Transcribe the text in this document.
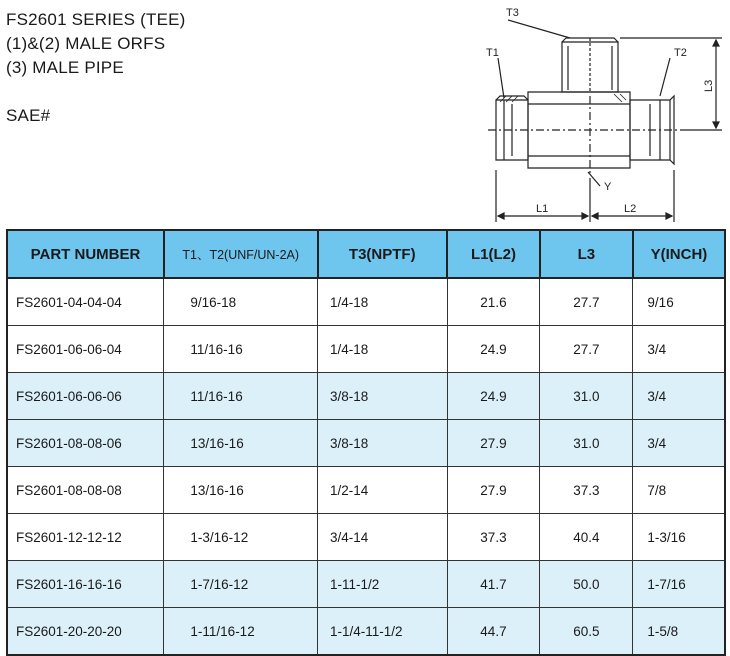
FS2601 SERIES (TEE)
(1)&(2) MALE ORFS
(3) MALE PIPE
SAE#
T3
T1	T2
L3
Y
L1	L2
PART NUMBER	T1、T2(UNF/UN-2A)	T3(NPTF)	L1(L2)	L3	Y(INCH)
FS2601-04-04-04	9/16-18	1/4-18	21.6	27.7	9/16
FS2601-06-06-04	11/16-16	1/4-18	24.9	27.7	3/4
FS2601-06-06-06	11/16-16	3/8-18	24.9	31.0	3/4
FS2601-08-08-06	13/16-16	3/8-18	27.9	31.0	3/4
FS2601-08-08-08	13/16-16	1/2-14	27.9	37.3	7/8
FS2601-12-12-12	1-3/16-12	3/4-14	37.3	40.4	1-3/16
FS2601-16-16-16	1-7/16-12	1-11-1/2	41.7	50.0	1-7/16
FS2601-20-20-20	1-11/16-12	1-1/4-11-1/2	44.7	60.5	1-5/8
